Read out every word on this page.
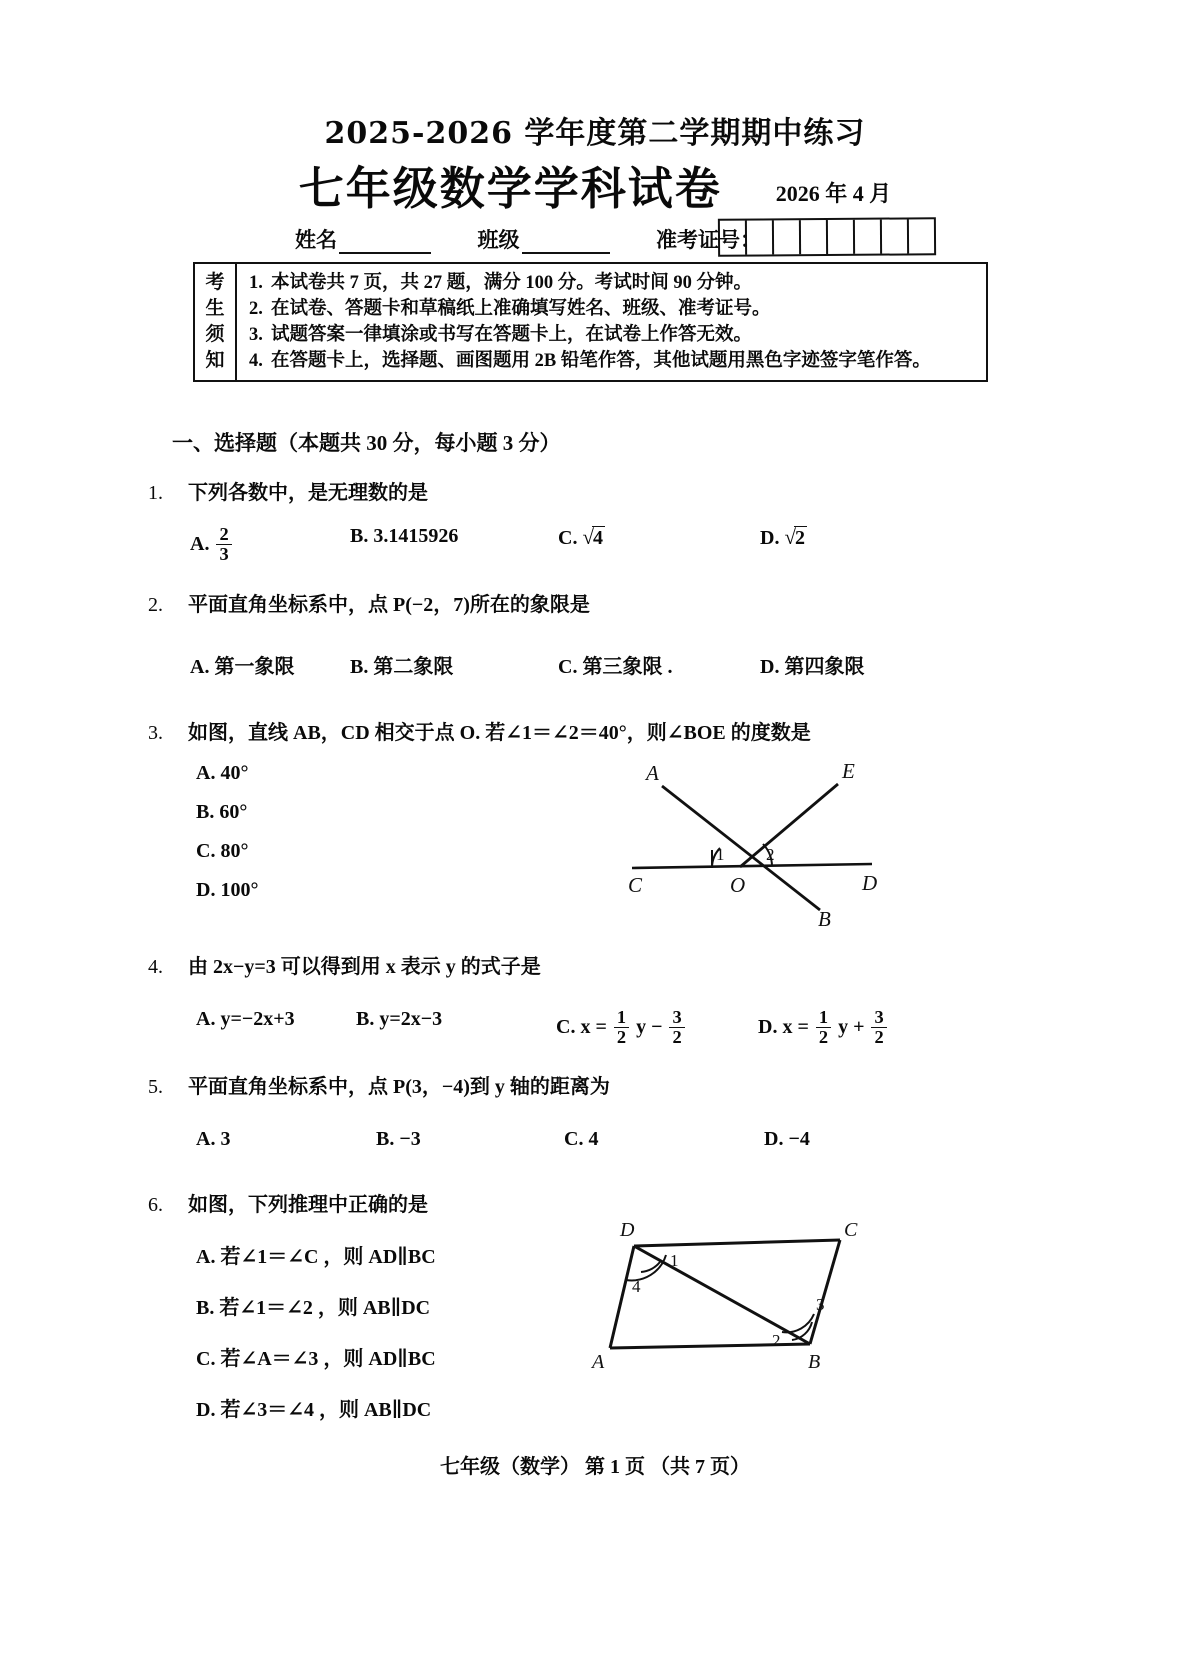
2025-2026 学年度第二学期期中练习
七年级数学学科试卷 2026 年 4 月
姓名	班级	准考证号：
考
生
须
知
1. 本试卷共 7 页，共 27 题，满分 100 分。考试时间 90 分钟。
2. 在试卷、答题卡和草稿纸上准确填写姓名、班级、准考证号。
3. 试题答案一律填涂或书写在答题卡上，在试卷上作答无效。
4. 在答题卡上，选择题、画图题用 2B 铅笔作答，其他试题用黑色字迹签字笔作答。
一、选择题（本题共 30 分，每小题 3 分）
1.	下列各数中，是无理数的是
A. $\frac{2}{3}$	B. 3.1415926	C. √4	D. √2
2.	平面直角坐标系中，点 P(−2，7)所在的象限是
A. 第一象限	B. 第二象限	C. 第三象限 .	D. 第四象限
3.	如图，直线 AB，CD 相交于点 O. 若∠1＝∠2＝40°，则∠BOE 的度数是
A. 40°
B. 60°
C. 80°
D. 100°
A	E
C	D
O
B
1 2
4.	由 2x−y=3 可以得到用 x 表示 y 的式子是
A. y=−2x+3	B. y=2x−3	C. $x = \frac{1}{2}$ $y - \frac{3}{2}$	D. $x = \frac{1}{2}$ $y + \frac{3}{2}$
5.	平面直角坐标系中，点 P(3，−4)到 y 轴的距离为
A. 3	B. −3	C. 4	D. −4
6.	如图，下列推理中正确的是
A. 若∠1＝∠C ，则 AD∥BC
B. 若∠1＝∠2 ，则 AB∥DC
C. 若∠A＝∠3 ，则 AD∥BC
D. 若∠3＝∠4 ，则 AB∥DC
D	C
A	B
1
4
3
2
七年级（数学） 第 1 页 （共 7 页）
